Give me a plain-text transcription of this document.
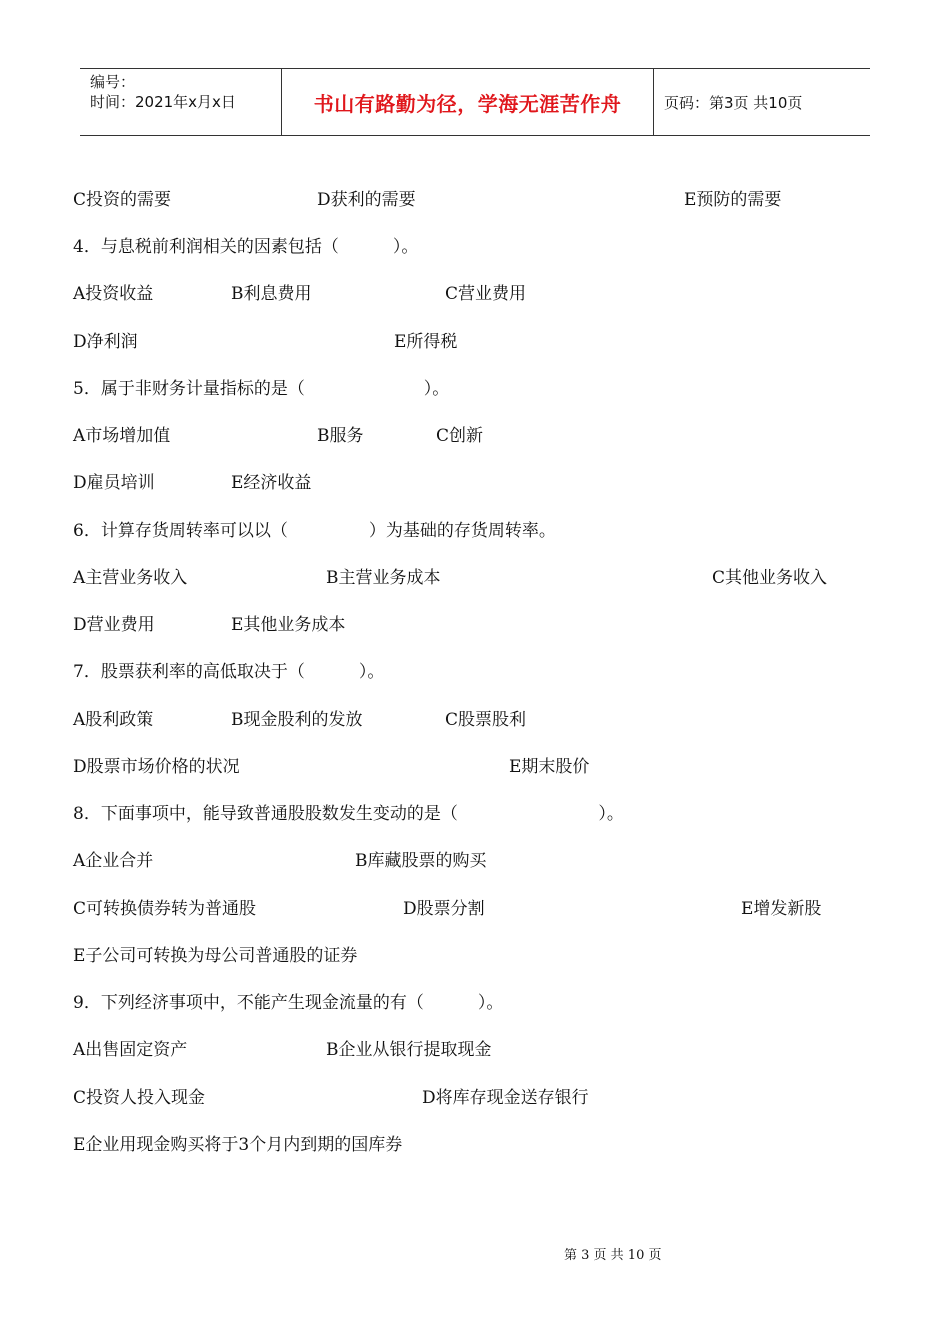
编号：
时间：2021年x月x日	书山有路勤为径，学海无涯苦作舟	页码：第3页 共10页
C投资的需要	D获利的需要	E预防的需要
4．与息税前利润相关的因素包括（          ）。
A投资收益	B利息费用	C营业费用
D净利润	E所得税
5．属于非财务计量指标的是（                      ）。
A市场增加值	B服务	C创新
D雇员培训	E经济收益
6．计算存货周转率可以以（               ）为基础的存货周转率。
A主营业务收入	B主营业务成本	C其他业务收入
D营业费用	E其他业务成本
7．股票获利率的高低取决于（          ）。
A股利政策	B现金股利的发放	C股票股利
D股票市场价格的状况	E期末股价
8．下面事项中，能导致普通股股数发生变动的是（                          ）。
A企业合并	B库藏股票的购买
C可转换债券转为普通股	D股票分割	E增发新股
E子公司可转换为母公司普通股的证券
9．下列经济事项中，不能产生现金流量的有（          ）。
A出售固定资产	B企业从银行提取现金
C投资人投入现金	D将库存现金送存银行
E企业用现金购买将于3个月内到期的国库券
第 3 页 共 10 页
